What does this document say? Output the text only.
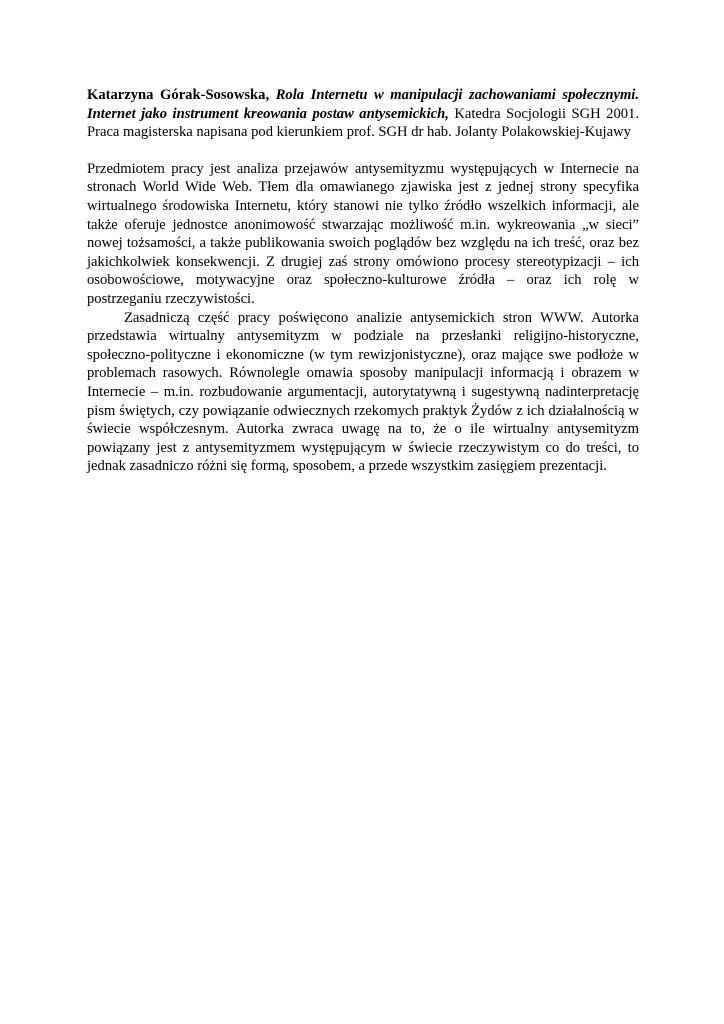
Katarzyna Górak-Sosowska, Rola Internetu w manipulacji zachowaniami społecznymi. Internet jako instrument kreowania postaw antysemickich, Katedra Socjologii SGH 2001. Praca magisterska napisana pod kierunkiem prof. SGH dr hab. Jolanty Polakowskiej-Kujawy

Przedmiotem pracy jest analiza przejawów antysemityzmu występujących w Internecie na stronach World Wide Web. Tłem dla omawianego zjawiska jest z jednej strony specyfika wirtualnego środowiska Internetu, który stanowi nie tylko źródło wszelkich informacji, ale także oferuje jednostce anonimowość stwarzając możliwość m.in. wykreowania „w sieci” nowej tożsamości, a także publikowania swoich poglądów bez względu na ich treść, oraz bez jakichkolwiek konsekwencji. Z drugiej zaś strony omówiono procesy stereotypizacji – ich osobowościowe, motywacyjne oraz społeczno-kulturowe źródła – oraz ich rolę w postrzeganiu rzeczywistości.

Zasadniczą część pracy poświęcono analizie antysemickich stron WWW. Autorka przedstawia wirtualny antysemityzm w podziale na przesłanki religijno-historyczne, społeczno-polityczne i ekonomiczne (w tym rewizjonistyczne), oraz mające swe podłoże w problemach rasowych. Równolegle omawia sposoby manipulacji informacją i obrazem w Internecie – m.in. rozbudowanie argumentacji, autorytatywną i sugestywną nadinterpretację pism świętych, czy powiązanie odwiecznych rzekomych praktyk Żydów z ich działalnością w świecie współczesnym. Autorka zwraca uwagę na to, że o ile wirtualny antysemityzm powiązany jest z antysemityzmem występującym w świecie rzeczywistym co do treści, to jednak zasadniczo różni się formą, sposobem, a przede wszystkim zasięgiem prezentacji.
